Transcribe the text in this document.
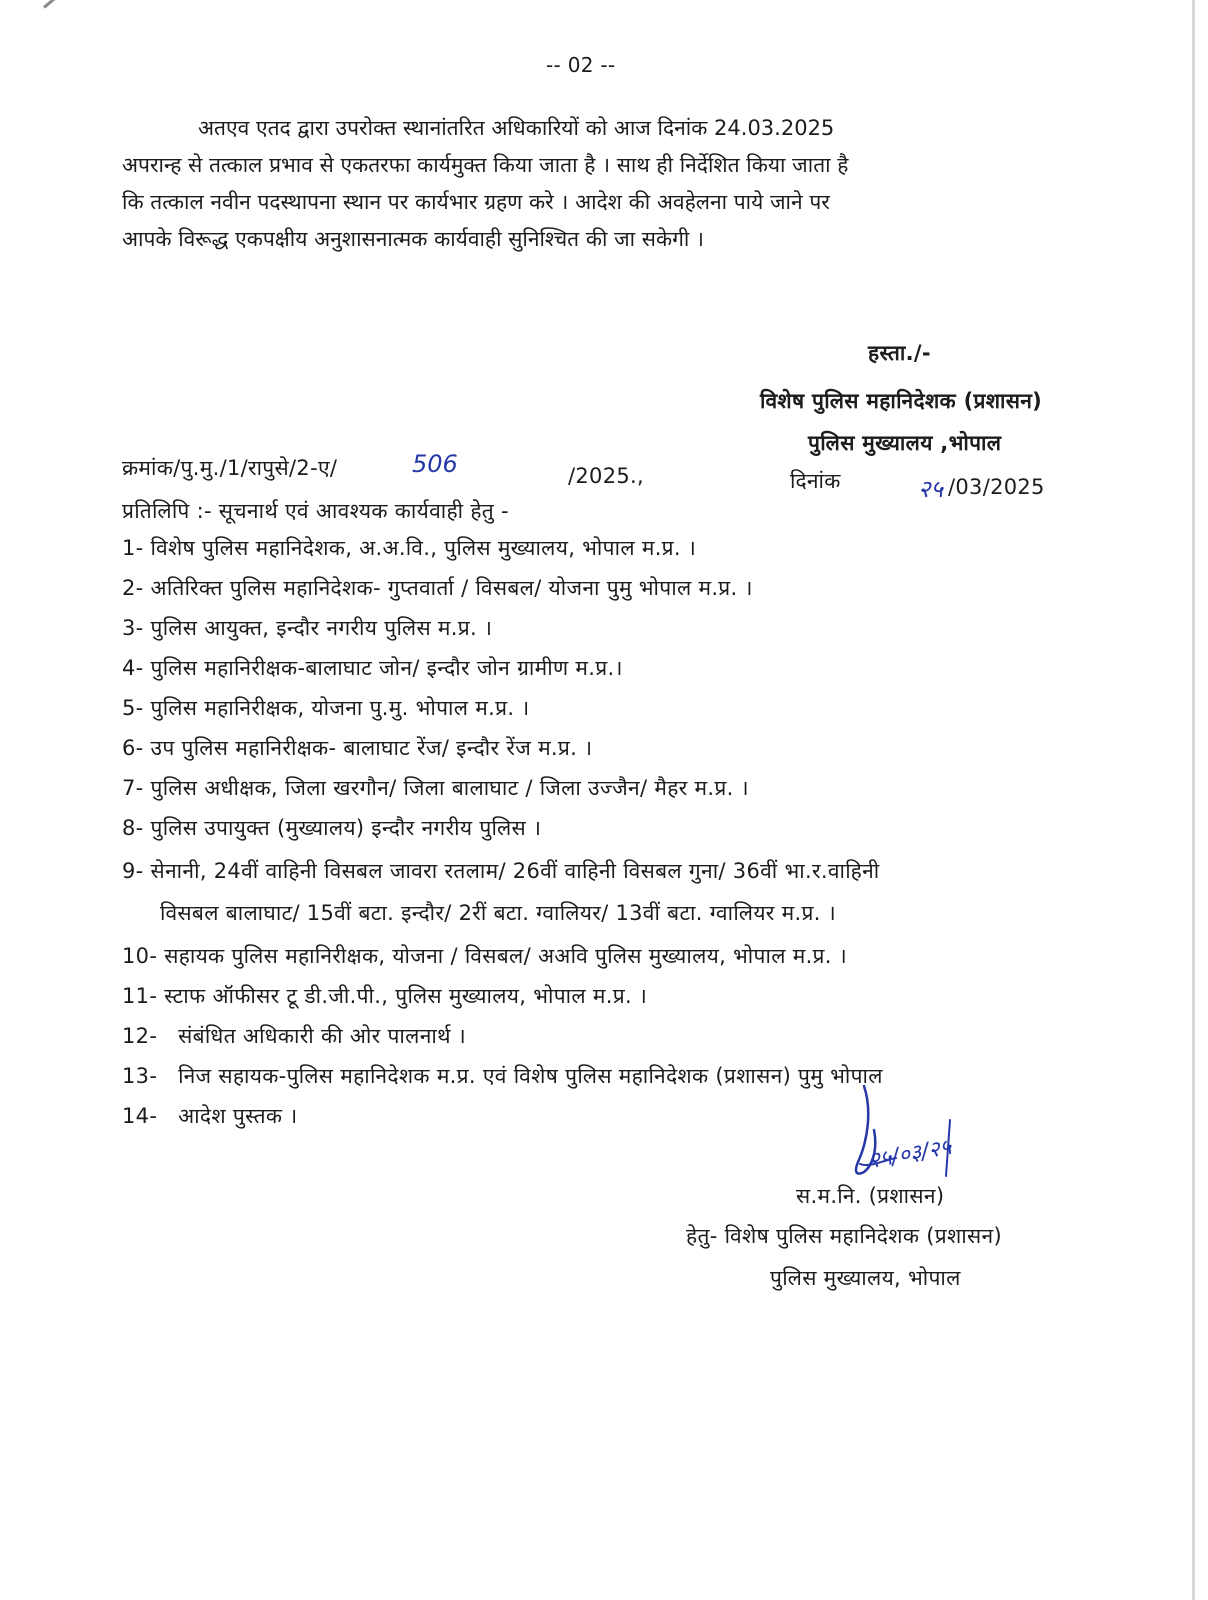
-- 02 --
अतएव एतद द्वारा उपरोक्त स्थानांतरित अधिकारियों को आज दिनांक 24.03.2025
अपरान्ह से तत्काल प्रभाव से एकतरफा कार्यमुक्त किया जाता है । साथ ही निर्देशित किया जाता है
कि तत्काल नवीन पदस्थापना स्थान पर कार्यभार ग्रहण करे । आदेश की अवहेलना पाये जाने पर
आपके विरूद्ध एकपक्षीय अनुशासनात्मक कार्यवाही सुनिश्चित की जा सकेगी ।
हस्ता./-
विशेष पुलिस महानिदेशक (प्रशासन)
पुलिस मुख्यालय ,भोपाल
क्रमांक/पु.मु./1/रापुसे/2-ए/	506	/2025.,	दिनांक	२५ /03/2025
प्रतिलिपि :- सूचनार्थ एवं आवश्यक कार्यवाही हेतु -
1- विशेष पुलिस महानिदेशक, अ.अ.वि., पुलिस मुख्यालय, भोपाल म.प्र. ।
2- अतिरिक्त पुलिस महानिदेशक- गुप्तवार्ता / विसबल/ योजना पुमु भोपाल म.प्र. ।
3- पुलिस आयुक्त, इन्दौर नगरीय पुलिस म.प्र. ।
4- पुलिस महानिरीक्षक-बालाघाट जोन/ इन्दौर जोन ग्रामीण म.प्र.।
5- पुलिस महानिरीक्षक, योजना पु.मु. भोपाल म.प्र. ।
6- उप पुलिस महानिरीक्षक- बालाघाट रेंज/ इन्दौर रेंज म.प्र. ।
7- पुलिस अधीक्षक, जिला खरगौन/ जिला बालाघाट / जिला उज्जैन/ मैहर म.प्र. ।
8- पुलिस उपायुक्त (मुख्यालय) इन्दौर नगरीय पुलिस ।
9- सेनानी, 24वीं वाहिनी विसबल जावरा रतलाम/ 26वीं वाहिनी विसबल गुना/ 36वीं भा.र.वाहिनी
विसबल बालाघाट/ 15वीं बटा. इन्दौर/ 2रीं बटा. ग्वालियर/ 13वीं बटा. ग्वालियर म.प्र. ।
10- सहायक पुलिस महानिरीक्षक, योजना / विसबल/ अअवि पुलिस मुख्यालय, भोपाल म.प्र. ।
11- स्टाफ ऑफीसर टू डी.जी.पी., पुलिस मुख्यालय, भोपाल म.प्र. ।
12- संबंधित अधिकारी की ओर पालनार्थ ।
13- निज सहायक-पुलिस महानिदेशक म.प्र. एवं विशेष पुलिस महानिदेशक (प्रशासन) पुमु भोपाल
14- आदेश पुस्तक ।
२५/०३/२५
स.म.नि. (प्रशासन)
हेतु- विशेष पुलिस महानिदेशक (प्रशासन)
पुलिस मुख्यालय, भोपाल
